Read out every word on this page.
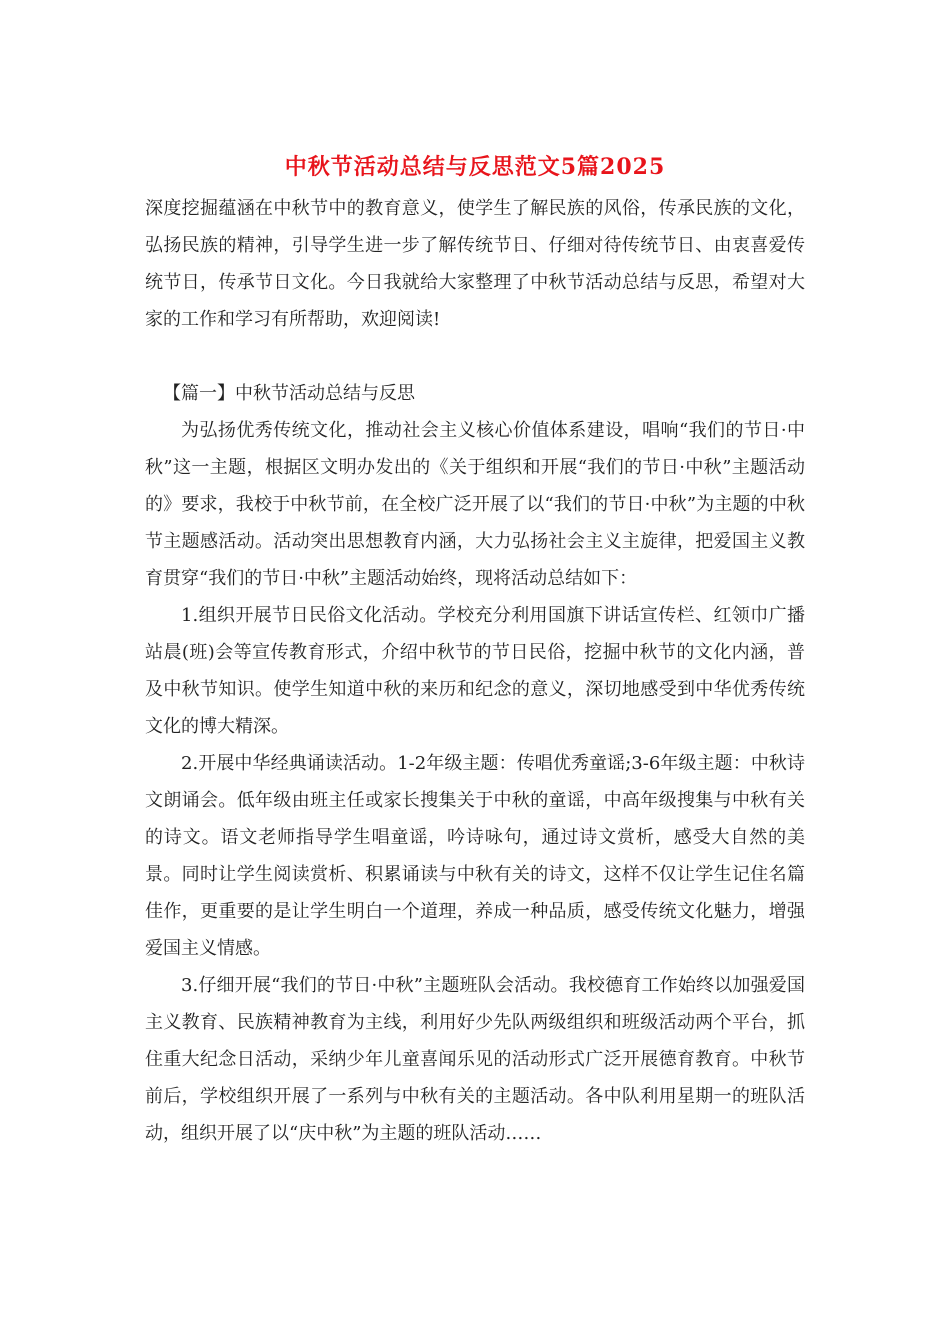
中秋节活动总结与反思范文5篇2025

深度挖掘蕴涵在中秋节中的教育意义，使学生了解民族的风俗，传承民族的文化，弘扬民族的精神，引导学生进一步了解传统节日、仔细对待传统节日、由衷喜爱传统节日，传承节日文化。今日我就给大家整理了中秋节活动总结与反思，希望对大家的工作和学习有所帮助，欢迎阅读!

【篇一】中秋节活动总结与反思

为弘扬优秀传统文化，推动社会主义核心价值体系建设，唱响“我们的节日·中秋”这一主题，根据区文明办发出的《关于组织和开展“我们的节日·中秋”主题活动的》要求，我校于中秋节前，在全校广泛开展了以“我们的节日·中秋”为主题的中秋节主题感活动。活动突出思想教育内涵，大力弘扬社会主义主旋律，把爱国主义教育贯穿“我们的节日·中秋”主题活动始终，现将活动总结如下：

1.组织开展节日民俗文化活动。学校充分利用国旗下讲话宣传栏、红领巾广播站晨(班)会等宣传教育形式，介绍中秋节的节日民俗，挖掘中秋节的文化内涵，普及中秋节知识。使学生知道中秋的来历和纪念的意义，深切地感受到中华优秀传统文化的博大精深。

2.开展中华经典诵读活动。1-2年级主题：传唱优秀童谣;3-6年级主题：中秋诗文朗诵会。低年级由班主任或家长搜集关于中秋的童谣，中高年级搜集与中秋有关的诗文。语文老师指导学生唱童谣，吟诗咏句，通过诗文赏析，感受大自然的美景。同时让学生阅读赏析、积累诵读与中秋有关的诗文，这样不仅让学生记住名篇佳作，更重要的是让学生明白一个道理，养成一种品质，感受传统文化魅力，增强爱国主义情感。

3.仔细开展“我们的节日·中秋”主题班队会活动。我校德育工作始终以加强爱国主义教育、民族精神教育为主线，利用好少先队两级组织和班级活动两个平台，抓住重大纪念日活动，采纳少年儿童喜闻乐见的活动形式广泛开展德育教育。中秋节前后，学校组织开展了一系列与中秋有关的主题活动。各中队利用星期一的班队活动，组织开展了以“庆中秋”为主题的班队活动……
